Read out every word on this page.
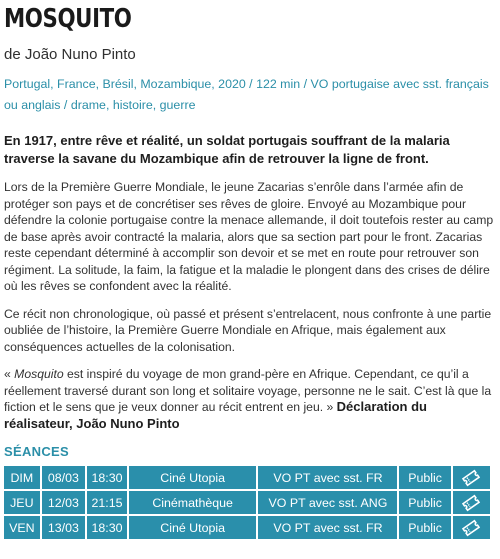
MOSQUITO
de João Nuno Pinto
Portugal, France, Brésil, Mozambique, 2020 / 122 min / VO portugaise avec sst. français ou anglais / drame, histoire, guerre

En 1917, entre rêve et réalité, un soldat portugais souffrant de la malaria traverse la savane du Mozambique afin de retrouver la ligne de front.

Lors de la Première Guerre Mondiale, le jeune Zacarias s’enrôle dans l’armée afin de protéger son pays et de concrétiser ses rêves de gloire. Envoyé au Mozambique pour défendre la colonie portugaise contre la menace allemande, il doit toutefois rester au camp de base après avoir contracté la malaria, alors que sa section part pour le front. Zacarias reste cependant déterminé à accomplir son devoir et se met en route pour retrouver son régiment. La solitude, la faim, la fatigue et la maladie le plongent dans des crises de délire où les rêves se confondent avec la réalité.

Ce récit non chronologique, où passé et présent s’entrelacent, nous confronte à une partie oubliée de l’histoire, la Première Guerre Mondiale en Afrique, mais également aux conséquences actuelles de la colonisation.

« Mosquito est inspiré du voyage de mon grand-père en Afrique. Cependant, ce qu’il a réellement traversé durant son long et solitaire voyage, personne ne le sait. C’est là que la fiction et le sens que je veux donner au récit entrent en jeu. » Déclaration du réalisateur, João Nuno Pinto

SÉANCES
DIM	08/03	18:30	Ciné Utopia	VO PT avec sst. FR	Public	
JEU	12/03	21:15	Cinémathèque	VO PT avec sst. ANG	Public	
VEN	13/03	18:30	Ciné Utopia	VO PT avec sst. FR	Public	
